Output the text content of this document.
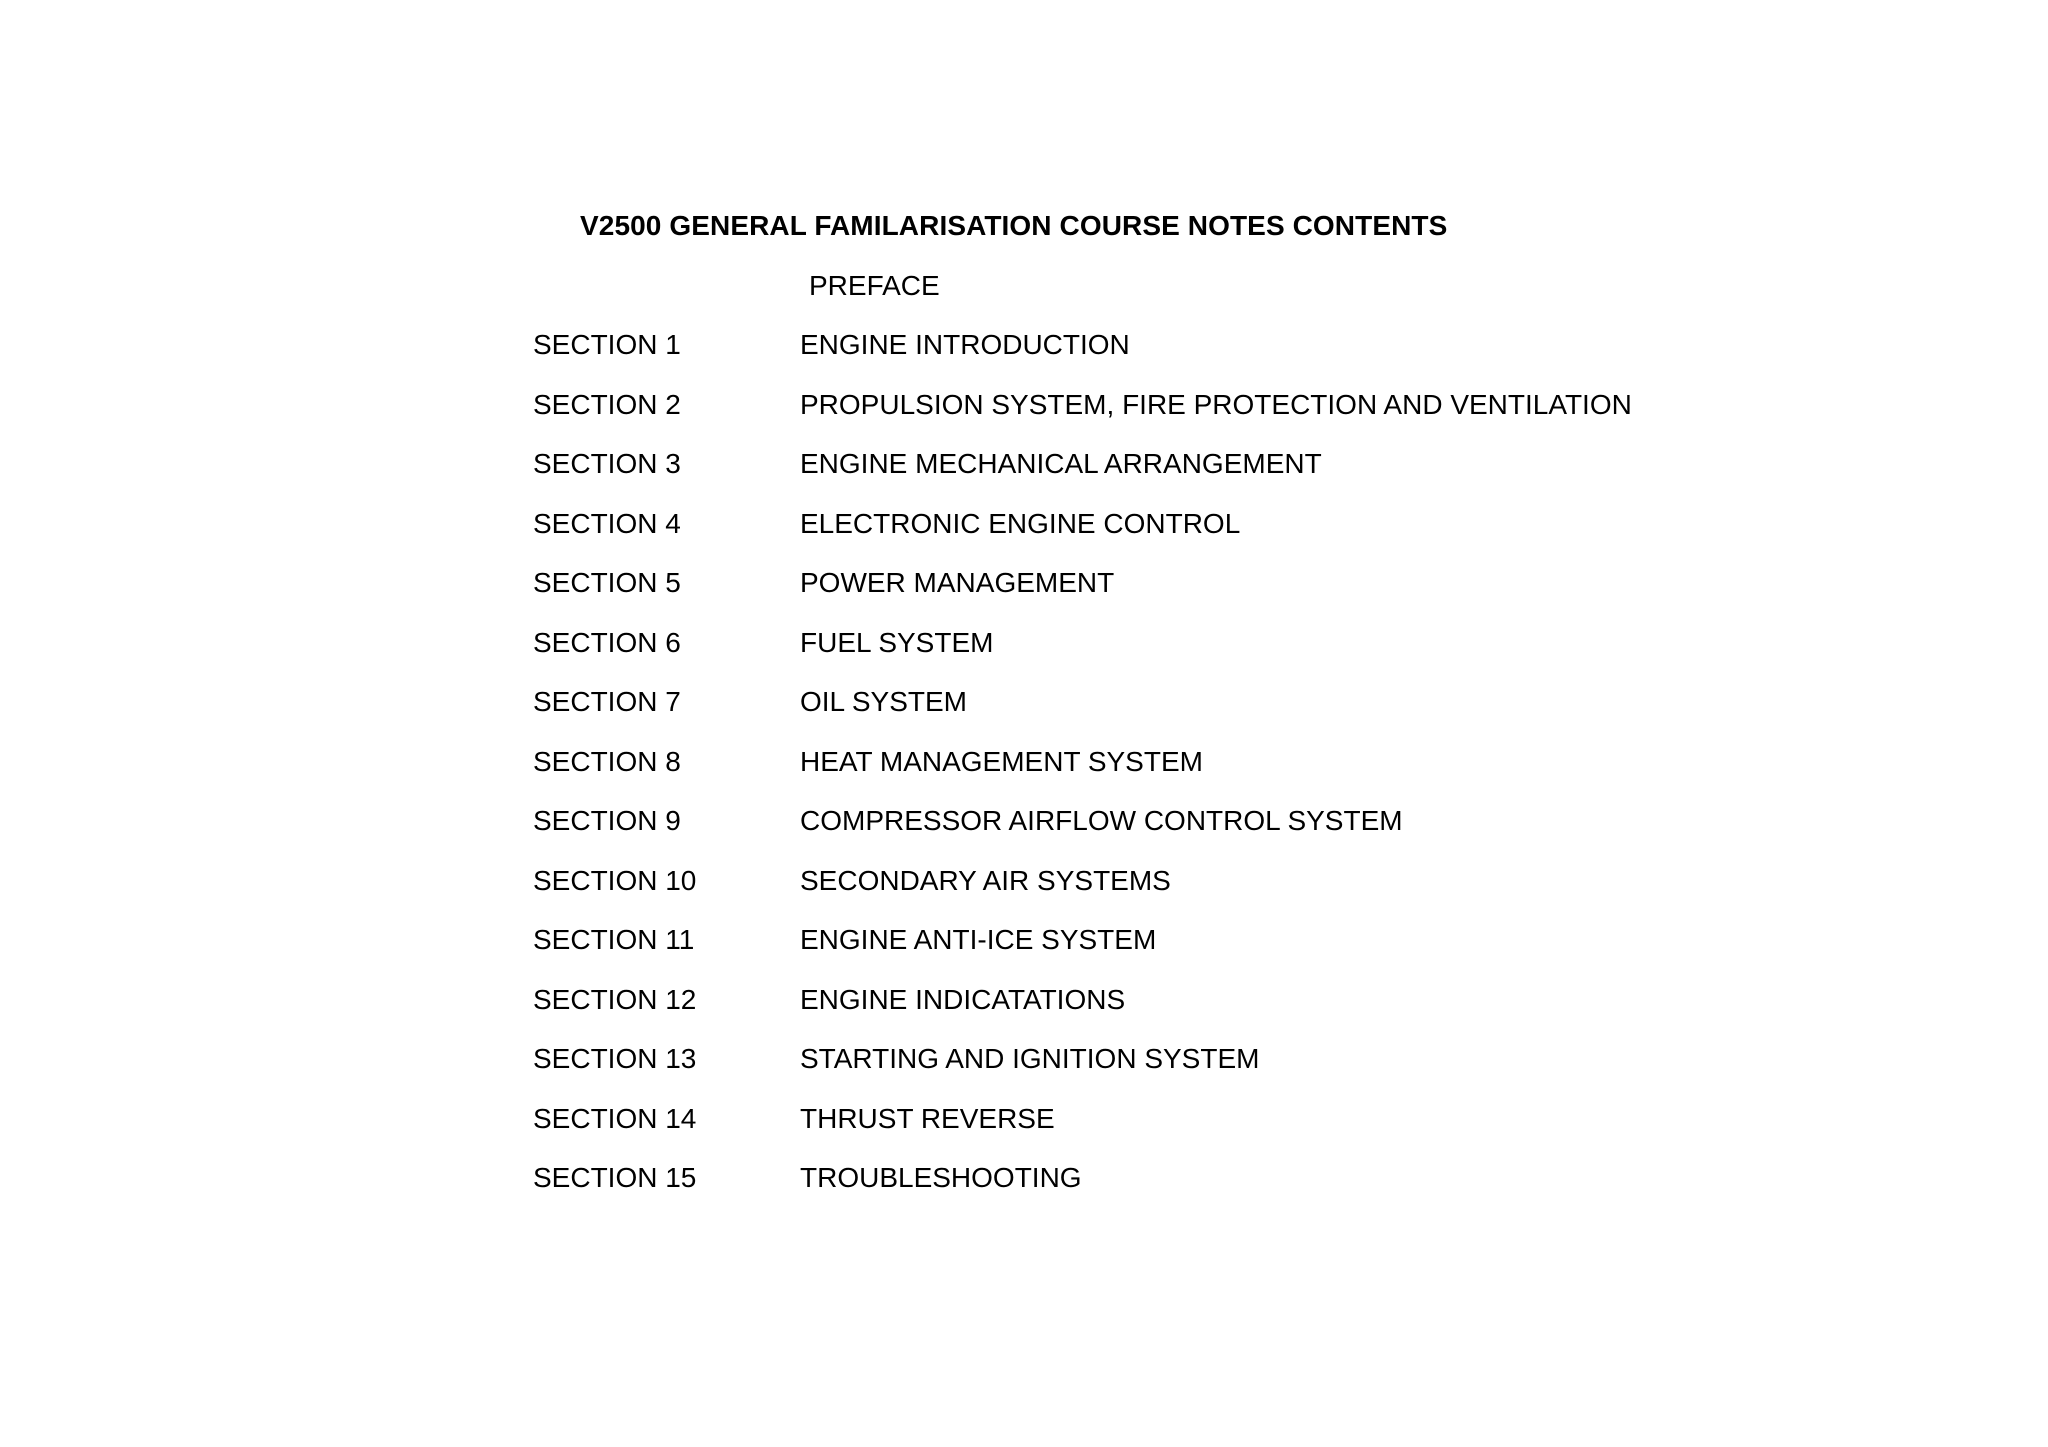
V2500 GENERAL FAMILARISATION COURSE NOTES CONTENTS
PREFACE
SECTION 1	ENGINE INTRODUCTION
SECTION 2	PROPULSION SYSTEM, FIRE PROTECTION AND VENTILATION
SECTION 3	ENGINE MECHANICAL ARRANGEMENT
SECTION 4	ELECTRONIC ENGINE CONTROL
SECTION 5	POWER MANAGEMENT
SECTION 6	FUEL SYSTEM
SECTION 7	OIL SYSTEM
SECTION 8	HEAT MANAGEMENT SYSTEM
SECTION 9	COMPRESSOR AIRFLOW CONTROL SYSTEM
SECTION 10	SECONDARY AIR SYSTEMS
SECTION 11	ENGINE ANTI-ICE SYSTEM
SECTION 12	ENGINE INDICATATIONS
SECTION 13	STARTING AND IGNITION SYSTEM
SECTION 14	THRUST REVERSE
SECTION 15	TROUBLESHOOTING
